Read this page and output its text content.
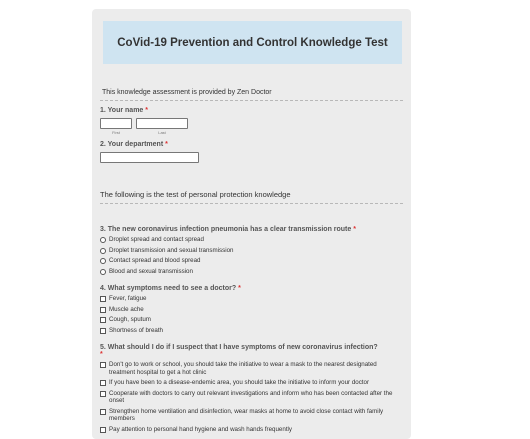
CoVid-19 Prevention and Control Knowledge Test
This knowledge assessment is provided by Zen Doctor
1. Your name *
First	Last
2. Your department *
The following is the test of personal protection knowledge
3. The new coronavirus infection pneumonia has a clear transmission route *
Droplet spread and contact spread
Droplet transmission and sexual transmission
Contact spread and blood spread
Blood and sexual transmission
4. What symptoms need to see a doctor? *
Fever, fatigue
Muscle ache
Cough, sputum
Shortness of breath
5. What should I do if I suspect that I have symptoms of new coronavirus infection?
*
Don't go to work or school, you should take the initiative to wear a mask to the nearest designated treatment hospital to get a hot clinic
If you have been to a disease-endemic area, you should take the initiative to inform your doctor
Cooperate with doctors to carry out relevant investigations and inform who has been contacted after the onset
Strengthen home ventilation and disinfection, wear masks at home to avoid close contact with family members
Pay attention to personal hand hygiene and wash hands frequently
